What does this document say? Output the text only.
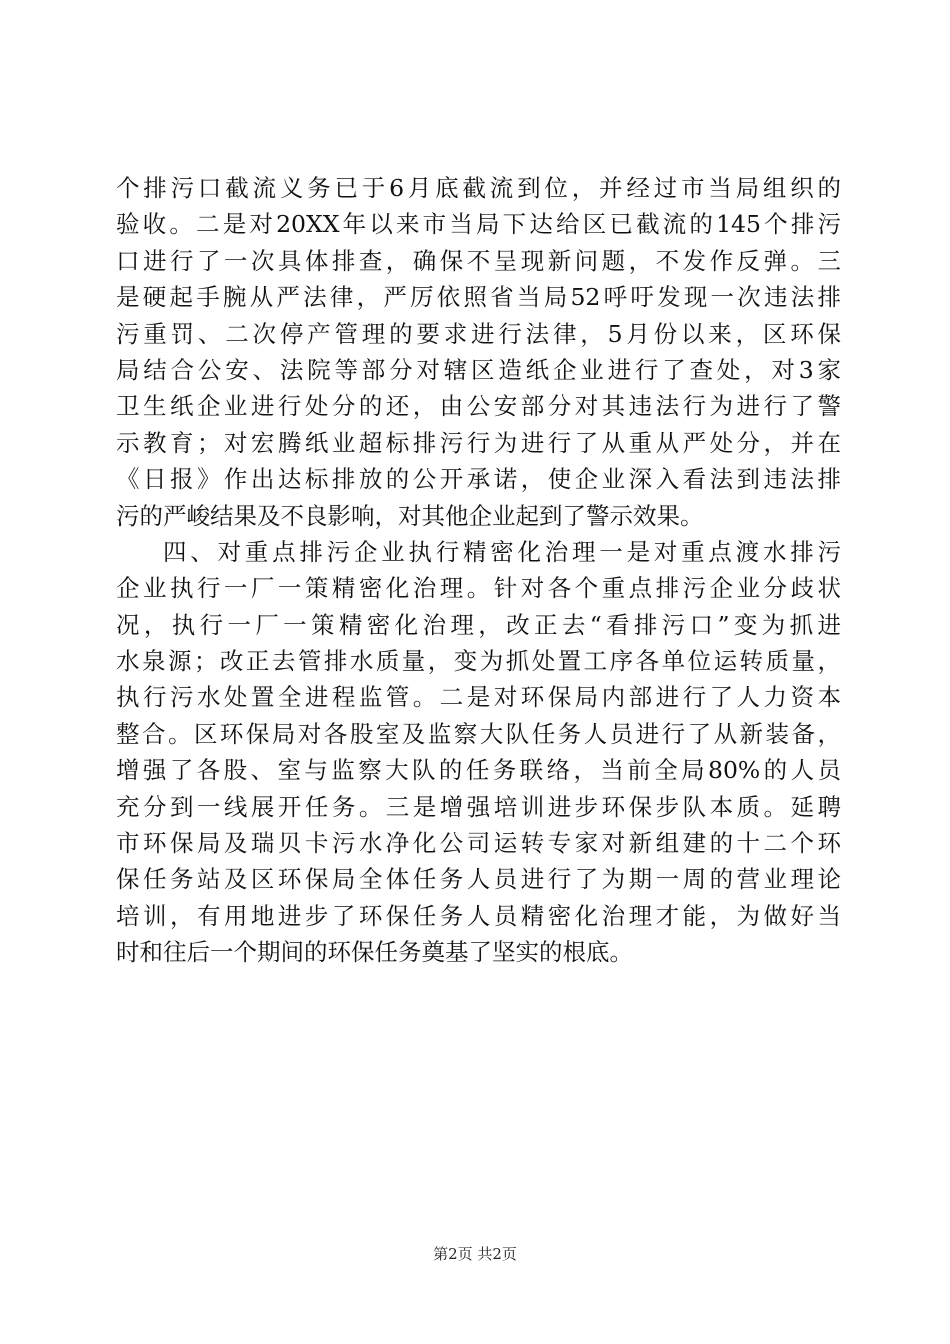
个排污口截流义务已于6月底截流到位，并经过市当局组织的
验收。二是对20XX年以来市当局下达给区已截流的145个排污
口进行了一次具体排查，确保不呈现新问题，不发作反弹。三
是硬起手腕从严法律，严厉依照省当局52呼吁发现一次违法排
污重罚、二次停产管理的要求进行法律，5月份以来，区环保
局结合公安、法院等部分对辖区造纸企业进行了查处，对3家
卫生纸企业进行处分的还，由公安部分对其违法行为进行了警
示教育；对宏腾纸业超标排污行为进行了从重从严处分，并在
《日报》作出达标排放的公开承诺，使企业深入看法到违法排
污的严峻结果及不良影响，对其他企业起到了警示效果。
四、对重点排污企业执行精密化治理一是对重点渡水排污
企业执行一厂一策精密化治理。针对各个重点排污企业分歧状
况，执行一厂一策精密化治理，改正去“看排污口”变为抓进
水泉源；改正去管排水质量，变为抓处置工序各单位运转质量，
执行污水处置全进程监管。二是对环保局内部进行了人力资本
整合。区环保局对各股室及监察大队任务人员进行了从新装备，
增强了各股、室与监察大队的任务联络，当前全局80%的人员
充分到一线展开任务。三是增强培训进步环保步队本质。延聘
市环保局及瑞贝卡污水净化公司运转专家对新组建的十二个环
保任务站及区环保局全体任务人员进行了为期一周的营业理论
培训，有用地进步了环保任务人员精密化治理才能，为做好当
时和往后一个期间的环保任务奠基了坚实的根底。
第2页 共2页
